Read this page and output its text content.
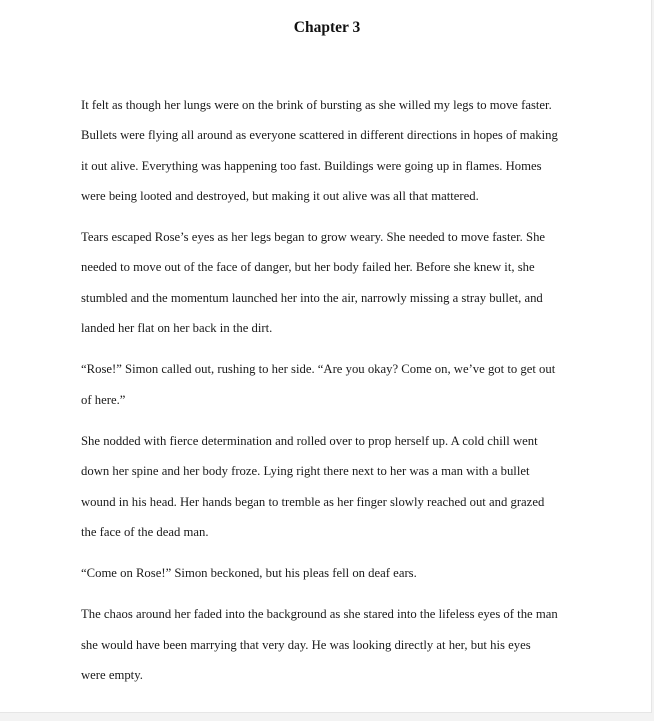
Chapter 3

It felt as though her lungs were on the brink of bursting as she willed my legs to move faster.
Bullets were flying all around as everyone scattered in different directions in hopes of making
it out alive. Everything was happening too fast. Buildings were going up in flames. Homes
were being looted and destroyed, but making it out alive was all that mattered.

Tears escaped Rose’s eyes as her legs began to grow weary. She needed to move faster. She
needed to move out of the face of danger, but her body failed her. Before she knew it, she
stumbled and the momentum launched her into the air, narrowly missing a stray bullet, and
landed her flat on her back in the dirt.

“Rose!” Simon called out, rushing to her side. “Are you okay? Come on, we’ve got to get out
of here.”

She nodded with fierce determination and rolled over to prop herself up. A cold chill went
down her spine and her body froze. Lying right there next to her was a man with a bullet
wound in his head. Her hands began to tremble as her finger slowly reached out and grazed
the face of the dead man.

“Come on Rose!” Simon beckoned, but his pleas fell on deaf ears.

The chaos around her faded into the background as she stared into the lifeless eyes of the man
she would have been marrying that very day. He was looking directly at her, but his eyes
were empty.
